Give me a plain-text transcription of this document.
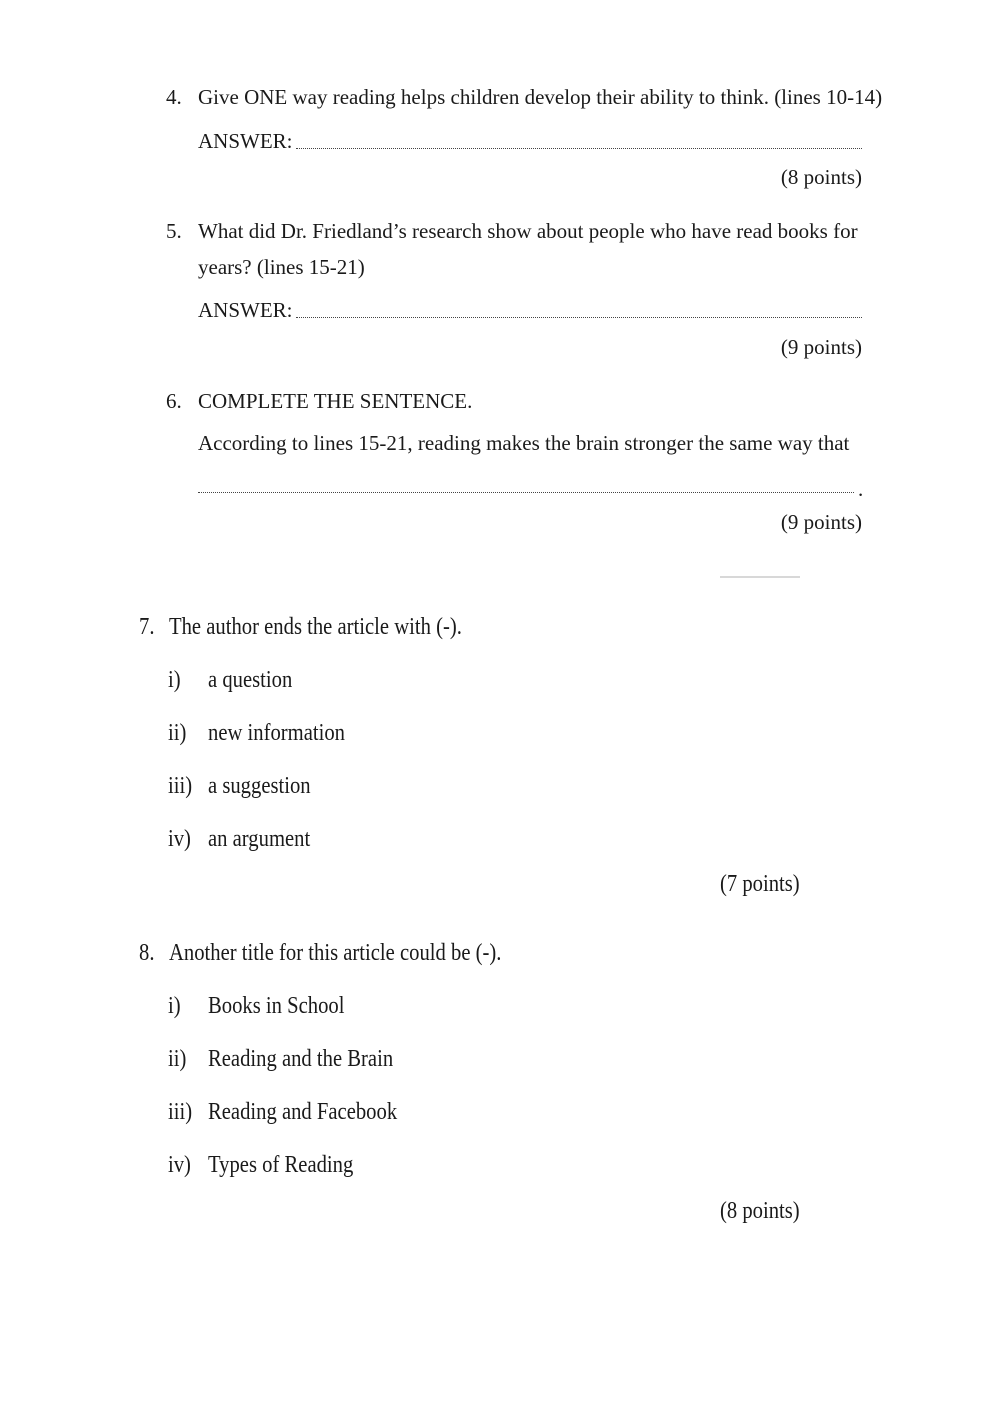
4. Give ONE way reading helps children develop their ability to think. (lines 10-14)
ANSWER:
(8 points)
5. What did Dr. Friedland’s research show about people who have read books for
years? (lines 15-21)
ANSWER:
(9 points)
6. COMPLETE THE SENTENCE.
According to lines 15-21, reading makes the brain stronger the same way that
.
(9 points)
7. The author ends the article with (-).
i) a question
ii) new information
iii) a suggestion
iv) an argument
(7 points)
8. Another title for this article could be (-).
i) Books in School
ii) Reading and the Brain
iii) Reading and Facebook
iv) Types of Reading
(8 points)
